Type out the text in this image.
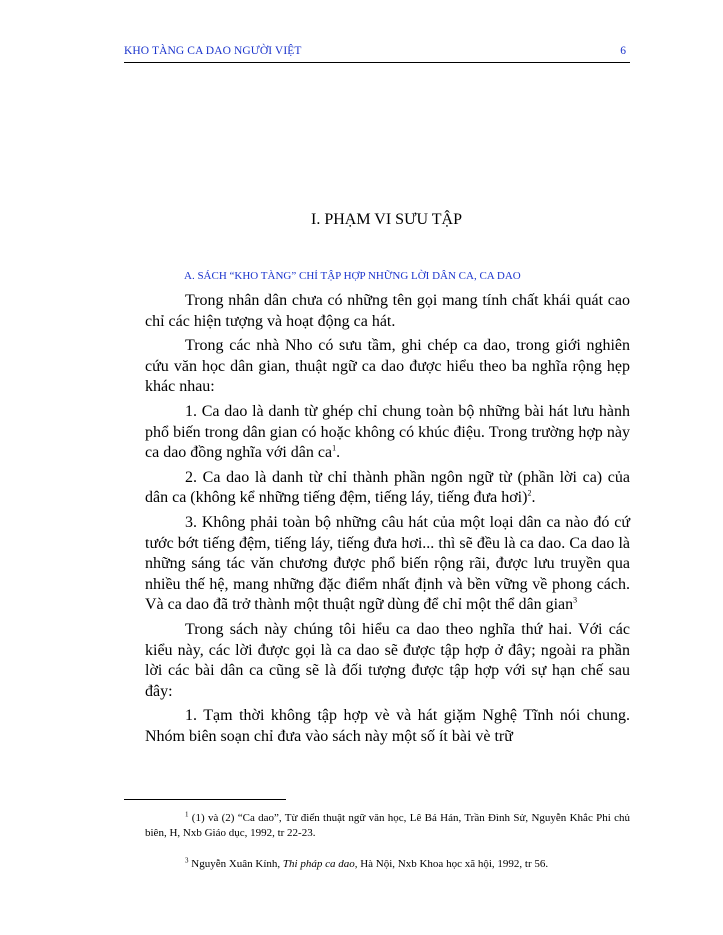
KHO TÀNG CA DAO NGƯỜI VIỆT	6
I. PHẠM VI SƯU TẬP
A. SÁCH “KHO TÀNG” CHỈ TẬP HỢP NHỮNG LỜI DÂN CA, CA DAO

Trong nhân dân chưa có những tên gọi mang tính chất khái quát cao chỉ các hiện tượng và hoạt động ca hát.

Trong các nhà Nho có sưu tầm, ghi chép ca dao, trong giới nghiên cứu văn học dân gian, thuật ngữ ca dao được hiểu theo ba nghĩa rộng hẹp khác nhau:

1. Ca dao là danh từ ghép chỉ chung toàn bộ những bài hát lưu hành phổ biến trong dân gian có hoặc không có khúc điệu. Trong trường hợp này ca dao đồng nghĩa với dân $ca^1$.

2. Ca dao là danh từ chỉ thành phần ngôn ngữ từ (phần lời ca) của dân ca (không kể những tiếng đệm, tiếng láy, tiếng đưa hơi)$^2$.

3. Không phải toàn bộ những câu hát của một loại dân ca nào đó cứ tước bớt tiếng đệm, tiếng láy, tiếng đưa hơi... thì sẽ đều là ca dao. Ca dao là những sáng tác văn chương được phổ biến rộng rãi, được lưu truyền qua nhiều thế hệ, mang những đặc điểm nhất định và bền vững về phong cách. Và ca dao đã trở thành một thuật ngữ dùng để chỉ một thể dân gian$^3$

Trong sách này chúng tôi hiểu ca dao theo nghĩa thứ hai. Với các kiểu này, các lời được gọi là ca dao sẽ được tập hợp ở đây; ngoài ra phần lời các bài dân ca cũng sẽ là đối tượng được tập hợp với sự hạn chế sau đây:

1. Tạm thời không tập hợp vè và hát giặm Nghệ Tĩnh nói chung. Nhóm biên soạn chỉ đưa vào sách này một số ít bài vè trữ

$^1$ (1) và (2) “Ca dao”, Từ điển thuật ngữ văn học, Lê Bá Hán, Trần Đình Sử, Nguyễn Khắc Phi chủ biên, H, Nxb Giáo dục, 1992, tr 22-23.

$^3$ Nguyễn Xuân Kính, Thi pháp ca dao, Hà Nội, Nxb Khoa học xã hội, 1992, tr 56.
